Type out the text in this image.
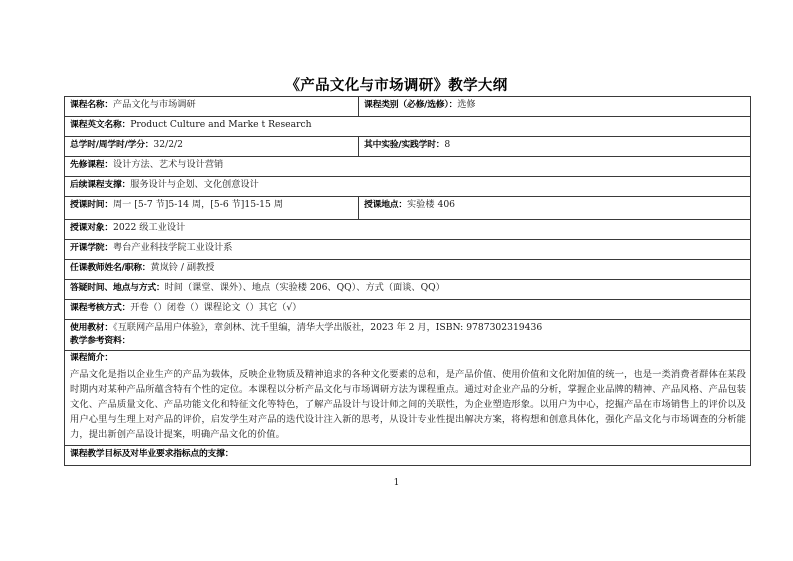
《产品文化与市场调研》教学大纲
课程名称：产品文化与市场调研	课程类别（必修/选修）：选修
课程英文名称：Product Culture and Marke t Research	
总学时/周学时/学分：32/2/2	其中实验/实践学时：8
先修课程：设计方法、艺术与设计营销	
后续课程支撑：服务设计与企划、文化创意设计	
授课时间：周一 [5-7 节]5-14 周，[5-6 节]15-15 周	授课地点：实验楼 406
授课对象：2022 级工业设计	
开课学院：粤台产业科技学院工业设计系	
任课教师姓名/职称：黄岚铃 / 副教授	
答疑时间、地点与方式：时间（课堂、课外）、地点（实验楼 206、QQ）、方式（面谈、QQ）	
课程考核方式：开卷（）闭卷（）课程论文（）其它（√）	

使用教材：《互联网产品用户体验》，章剑林、沈千里编，清华大学出版社，2023 年 2 月，ISBN: 9787302319436
教学参考资料：	

课程简介：
产品文化是指以企业生产的产品为载体，反映企业物质及精神追求的各种文化要素的总和，是产品价值、使用价值和文化附加值的统一，也是一类消费者群体在某段时期内对某种产品所蕴含特有个性的定位。本课程以分析产品文化与市场调研方法为课程重点。通过对企业产品的分析，掌握企业品牌的精神、产品风格、产品包装文化、产品质量文化、产品功能文化和特征文化等特色，了解产品设计与设计师之间的关联性，为企业塑造形象。以用户为中心，挖掘产品在市场销售上的评价以及用户心里与生理上对产品的评价，启发学生对产品的迭代设计注入新的思考，从设计专业性提出解决方案，将构想和创意具体化，强化产品文化与市场调查的分析能力，提出新创产品设计提案，明确产品文化的价值。	

课程教学目标及对毕业要求指标点的支撑：	
1
